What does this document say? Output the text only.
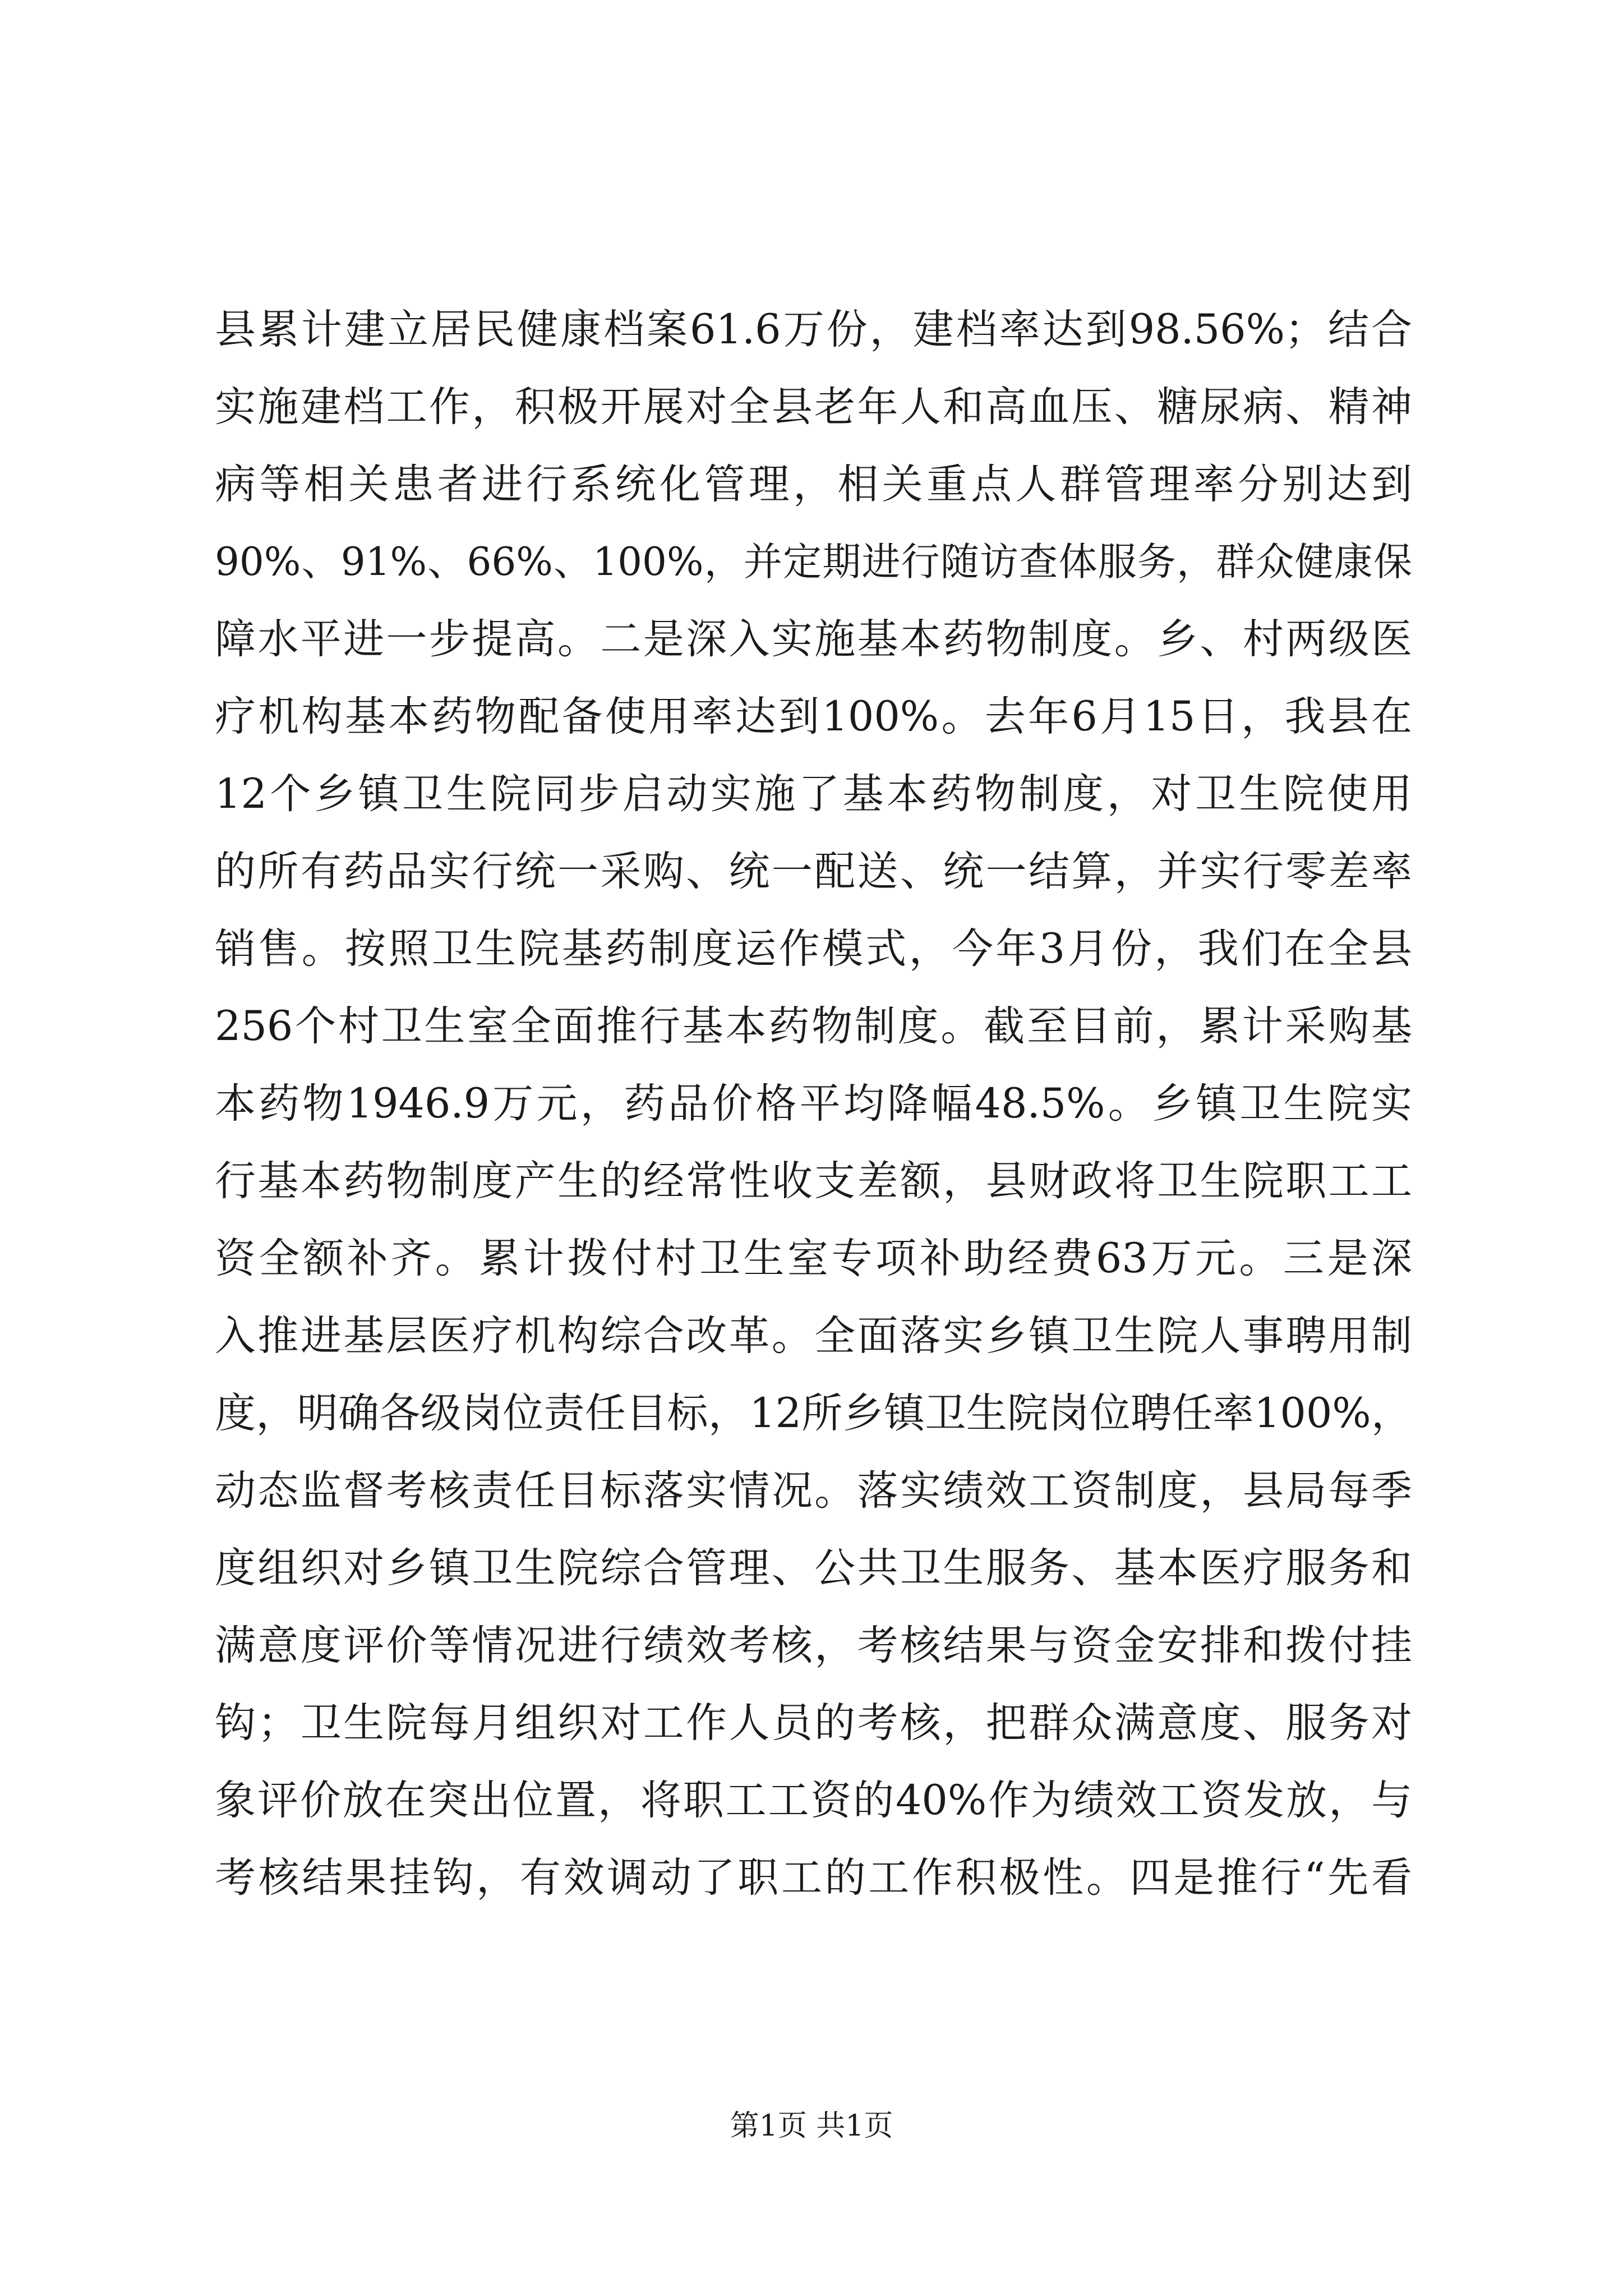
县累计建立居民健康档案61.6万份，建档率达到98.56%；结合
实施建档工作，积极开展对全县老年人和高血压、糖尿病、精神
病等相关患者进行系统化管理，相关重点人群管理率分别达到
90%、91%、66%、100%，并定期进行随访查体服务，群众健康保
障水平进一步提高。二是深入实施基本药物制度。乡、村两级医
疗机构基本药物配备使用率达到100%。去年6月15日，我县在
12个乡镇卫生院同步启动实施了基本药物制度，对卫生院使用
的所有药品实行统一采购、统一配送、统一结算，并实行零差率
销售。按照卫生院基药制度运作模式，今年3月份，我们在全县
256个村卫生室全面推行基本药物制度。截至目前，累计采购基
本药物1946.9万元，药品价格平均降幅48.5%。乡镇卫生院实
行基本药物制度产生的经常性收支差额，县财政将卫生院职工工
资全额补齐。累计拨付村卫生室专项补助经费63万元。三是深
入推进基层医疗机构综合改革。全面落实乡镇卫生院人事聘用制
度，明确各级岗位责任目标，12所乡镇卫生院岗位聘任率100%，
动态监督考核责任目标落实情况。落实绩效工资制度，县局每季
度组织对乡镇卫生院综合管理、公共卫生服务、基本医疗服务和
满意度评价等情况进行绩效考核，考核结果与资金安排和拨付挂
钩；卫生院每月组织对工作人员的考核，把群众满意度、服务对
象评价放在突出位置，将职工工资的40%作为绩效工资发放，与
考核结果挂钩，有效调动了职工的工作积极性。四是推行“先看

第1页 共1页
